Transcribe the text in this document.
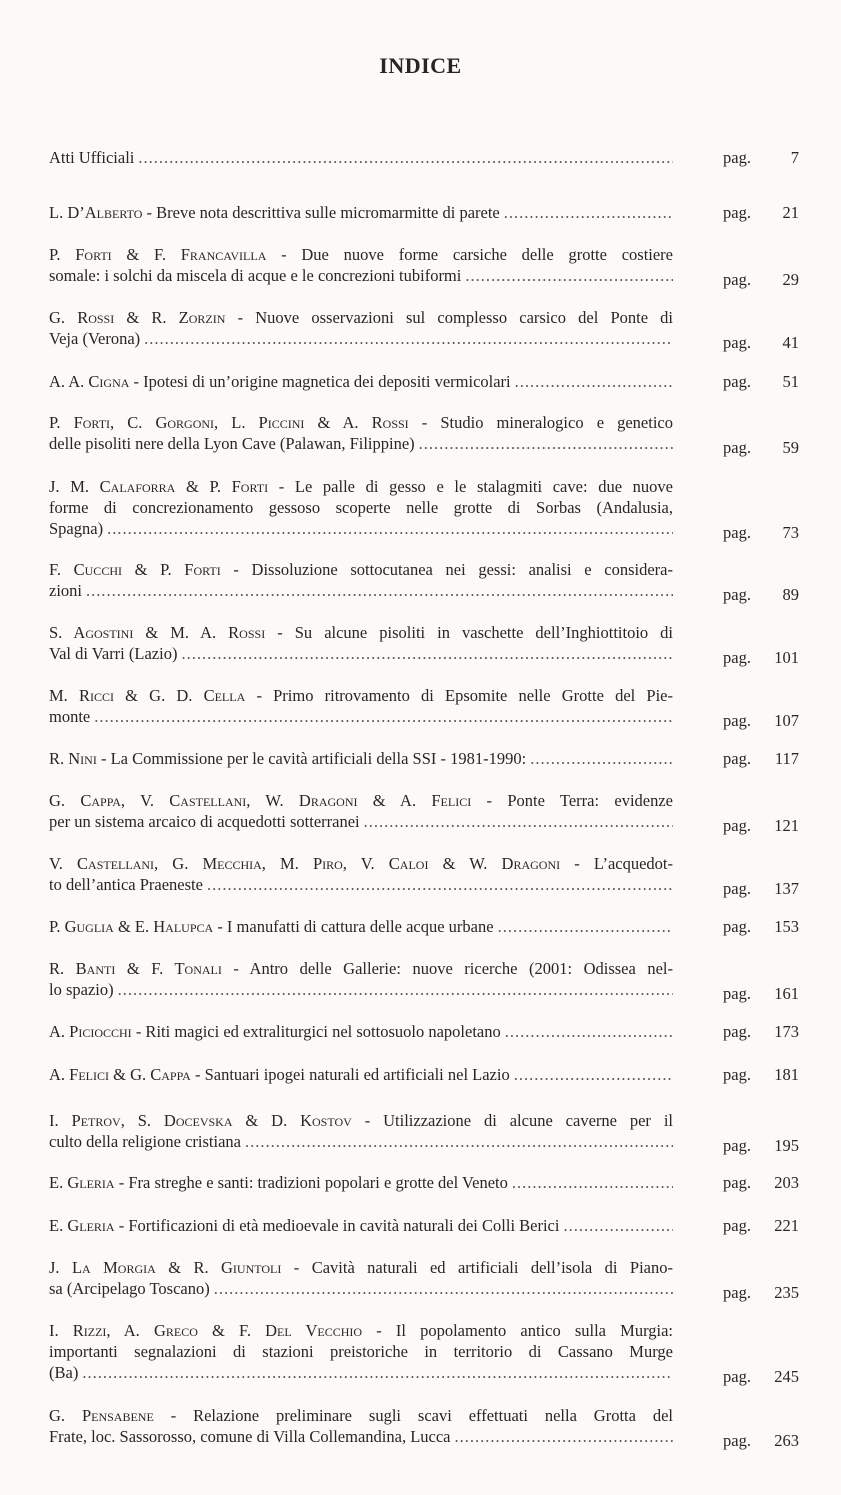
INDICE
Atti Ufficiali .....	pag. 7
L. D’Alberto - Breve nota descrittiva sulle micromarmitte di parete .....	pag. 21
P. Forti & F. Francavilla - Due nuove forme carsiche delle grotte costiere
somale: i solchi da miscela di acque e le concrezioni tubiformi .....	pag. 29
G. Rossi & R. Zorzin - Nuove osservazioni sul complesso carsico del Ponte di
Veja (Verona) .....	pag. 41
A. A. Cigna - Ipotesi di un’origine magnetica dei depositi vermicolari .....	pag. 51
P. Forti, C. Gorgoni, L. Piccini & A. Rossi - Studio mineralogico e genetico
delle pisoliti nere della Lyon Cave (Palawan, Filippine) .....	pag. 59
J. M. Calaforra & P. Forti - Le palle di gesso e le stalagmiti cave: due nuove
forme di concrezionamento gessoso scoperte nelle grotte di Sorbas (Andalusia,
Spagna) .....	pag. 73
F. Cucchi & P. Forti - Dissoluzione sottocutanea nei gessi: analisi e considera-
zioni .....	pag. 89
S. Agostini & M. A. Rossi - Su alcune pisoliti in vaschette dell’Inghiottitoio di
Val di Varri (Lazio) .....	pag. 101
M. Ricci & G. D. Cella - Primo ritrovamento di Epsomite nelle Grotte del Pie-
monte .....	pag. 107
R. Nini - La Commissione per le cavità artificiali della SSI - 1981-1990: .....	pag. 117
G. Cappa, V. Castellani, W. Dragoni & A. Felici - Ponte Terra: evidenze
per un sistema arcaico di acquedotti sotterranei .....	pag. 121
V. Castellani, G. Mecchia, M. Piro, V. Caloi & W. Dragoni - L’acquedot-
to dell’antica Praeneste .....	pag. 137
P. Guglia & E. Halupca - I manufatti di cattura delle acque urbane .....	pag. 153
R. Banti & F. Tonali - Antro delle Gallerie: nuove ricerche (2001: Odissea nel-
lo spazio) .....	pag. 161
A. Piciocchi - Riti magici ed extraliturgici nel sottosuolo napoletano .....	pag. 173
A. Felici & G. Cappa - Santuari ipogei naturali ed artificiali nel Lazio .....	pag. 181
I. Petrov, S. Docevska & D. Kostov - Utilizzazione di alcune caverne per il
culto della religione cristiana .....	pag. 195
E. Gleria - Fra streghe e santi: tradizioni popolari e grotte del Veneto .....	pag. 203
E. Gleria - Fortificazioni di età medioevale in cavità naturali dei Colli Berici .....	pag. 221
J. La Morgia & R. Giuntoli - Cavità naturali ed artificiali dell’isola di Piano-
sa (Arcipelago Toscano) .....	pag. 235
I. Rizzi, A. Greco & F. Del Vecchio - Il popolamento antico sulla Murgia:
importanti segnalazioni di stazioni preistoriche in territorio di Cassano Murge
(Ba) .....	pag. 245
G. Pensabene - Relazione preliminare sugli scavi effettuati nella Grotta del
Frate, loc. Sassorosso, comune di Villa Collemandina, Lucca .....	pag. 263
